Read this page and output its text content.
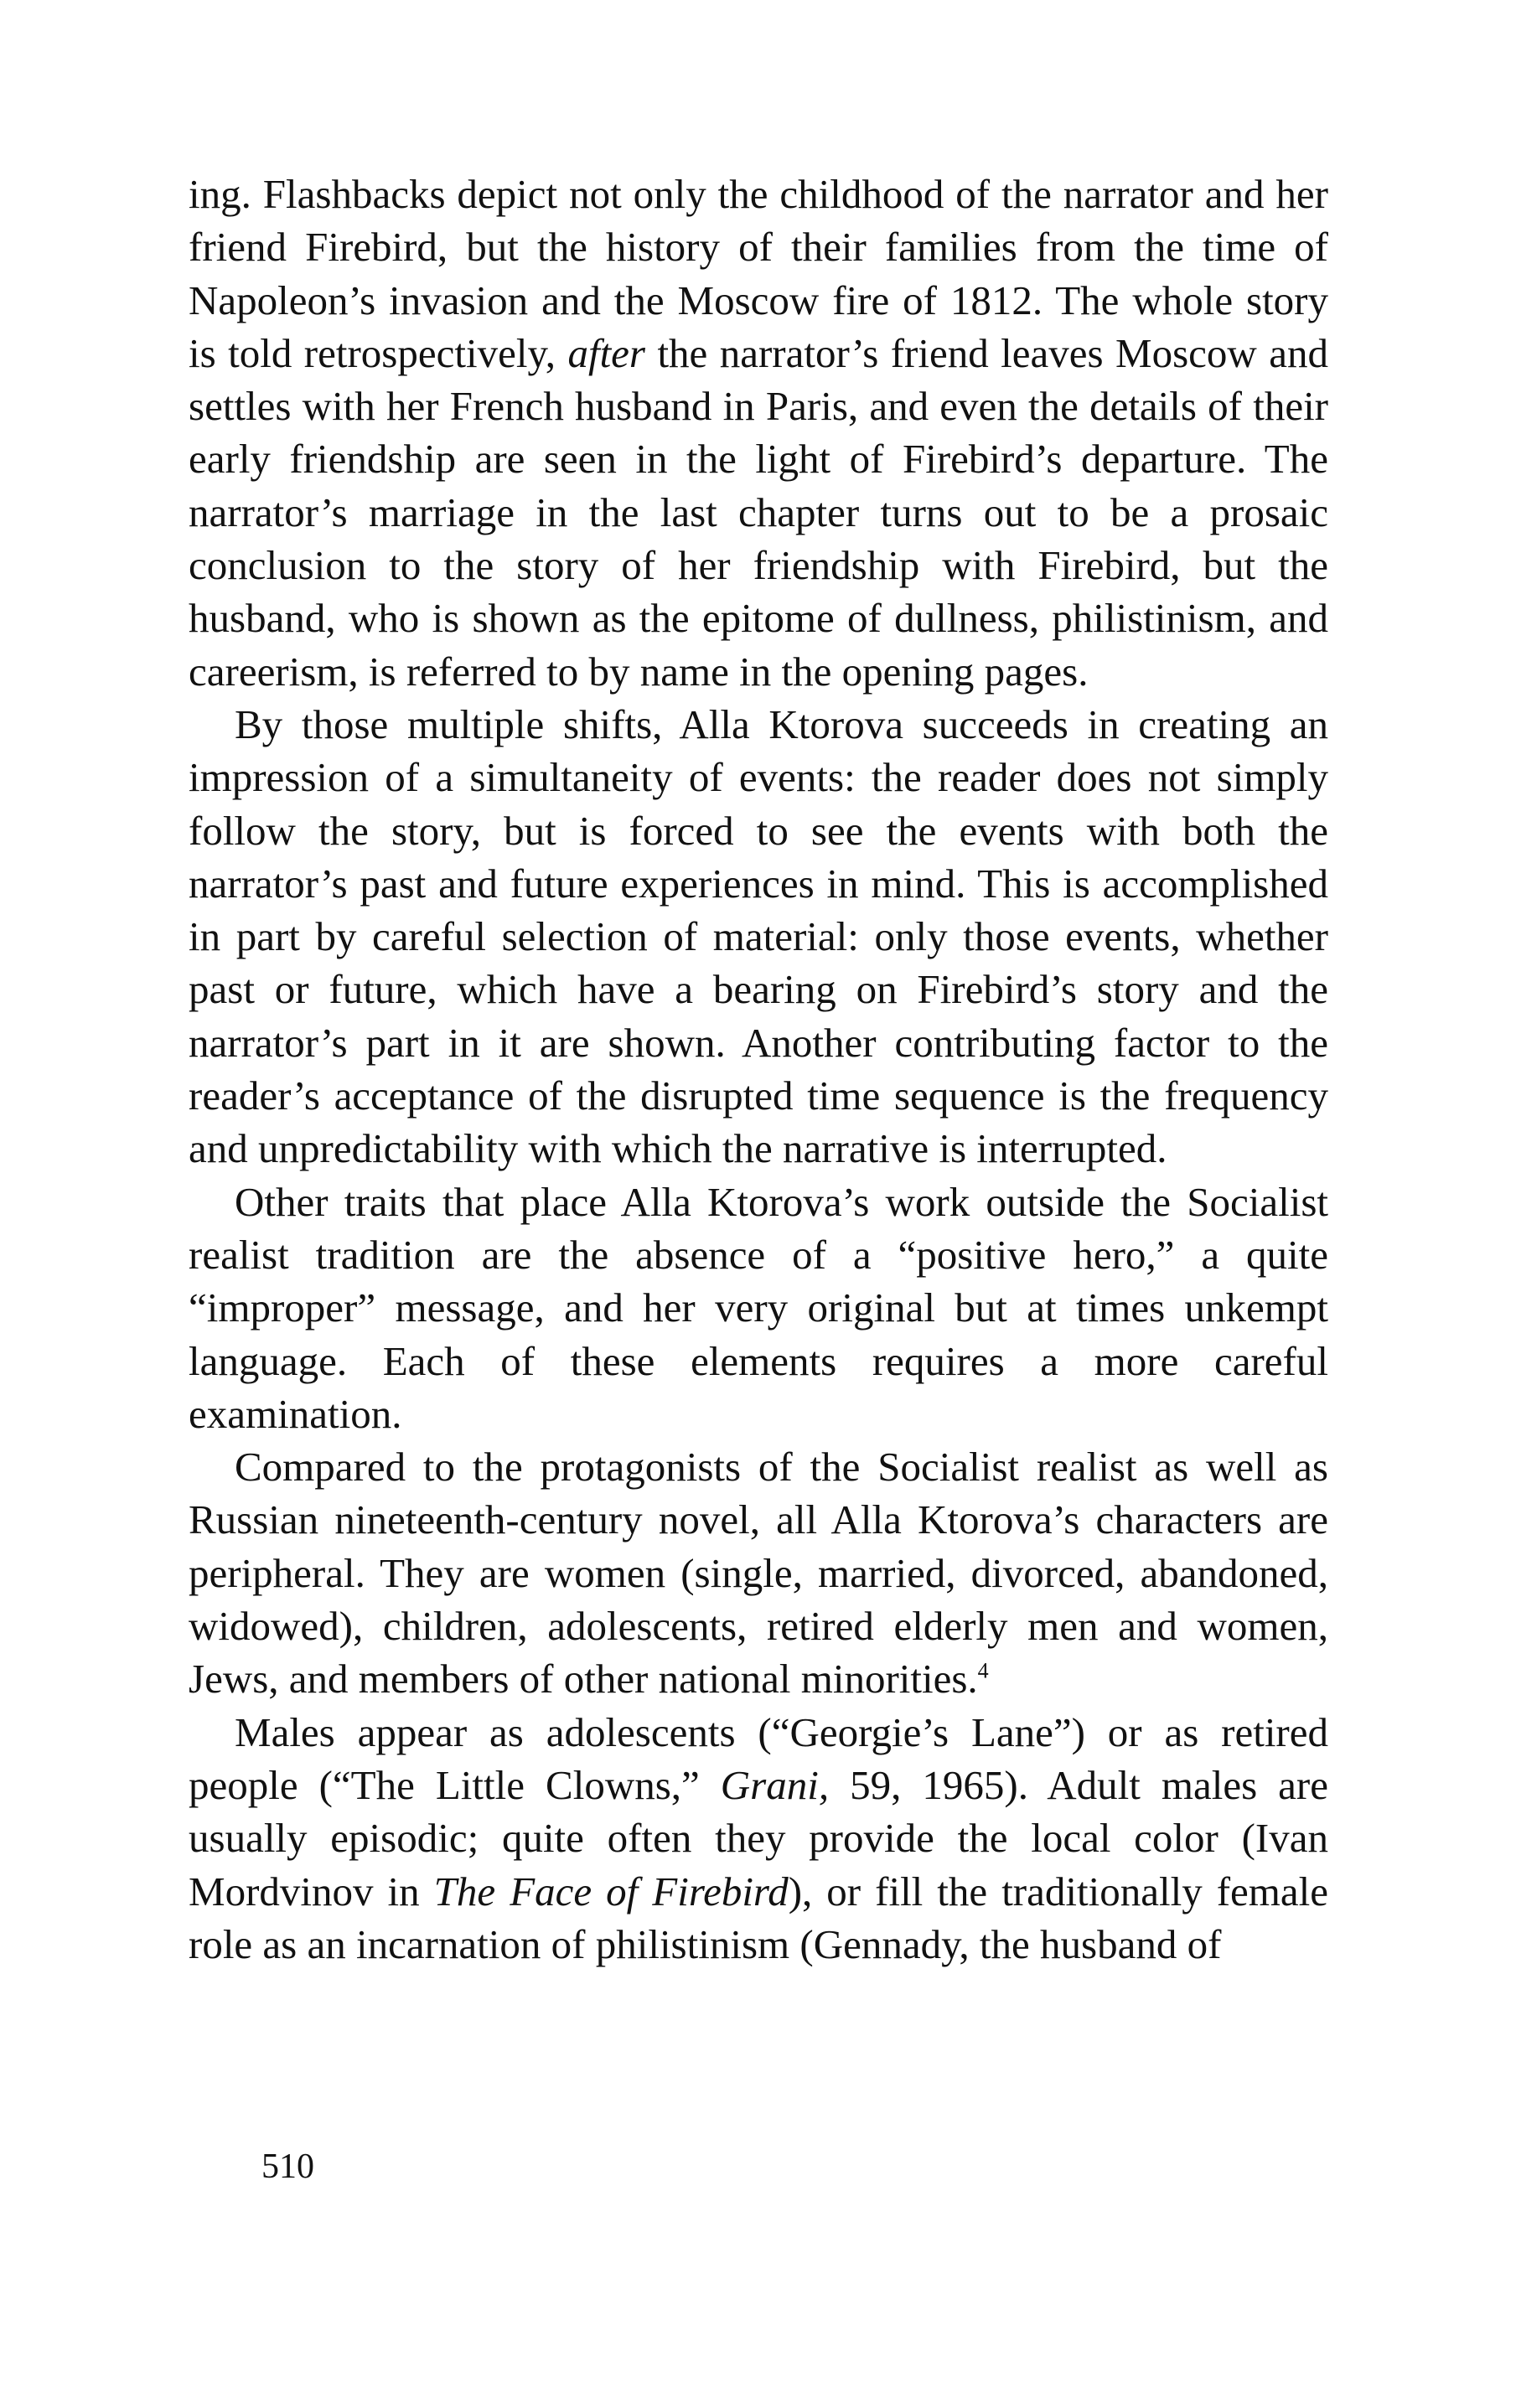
ing. Flashbacks depict not only the childhood of the narrator and her friend Firebird, but the history of their families from the time of Napoleon’s invasion and the Moscow fire of 1812. The whole story is told retrospectively, after the narrator’s friend leaves Moscow and settles with her French husband in Paris, and even the details of their early friendship are seen in the light of Firebird’s departure. The narrator’s marriage in the last chapter turns out to be a prosaic conclusion to the story of her friendship with Firebird, but the husband, who is shown as the epitome of dullness, philistinism, and careerism, is referred to by name in the opening pages.

By those multiple shifts, Alla Ktorova succeeds in creating an impression of a simultaneity of events: the reader does not simply follow the story, but is forced to see the events with both the narrator’s past and future experiences in mind. This is accomplished in part by careful selection of material: only those events, whether past or future, which have a bearing on Firebird’s story and the narrator’s part in it are shown. Another contributing factor to the reader’s acceptance of the disrupted time sequence is the frequency and unpredictability with which the narrative is interrupted.

Other traits that place Alla Ktorova’s work outside the Socialist realist tradition are the absence of a “positive hero,” a quite “improper” message, and her very original but at times unkempt language. Each of these elements requires a more careful examination.

Compared to the protagonists of the Socialist realist as well as Russian nineteenth-century novel, all Alla Ktorova’s characters are peripheral. They are women (single, married, divorced, abandoned, widowed), children, adolescents, retired elderly men and women, Jews, and members of other national minorities.$^4$

Males appear as adolescents (“Georgie’s Lane”) or as retired people (“The Little Clowns,” Grani, 59, 1965). Adult males are usually episodic; quite often they provide the local color (Ivan Mordvinov in The Face of Firebird), or fill the traditionally female role as an incarnation of philistinism (Gennady, the husband of

510
